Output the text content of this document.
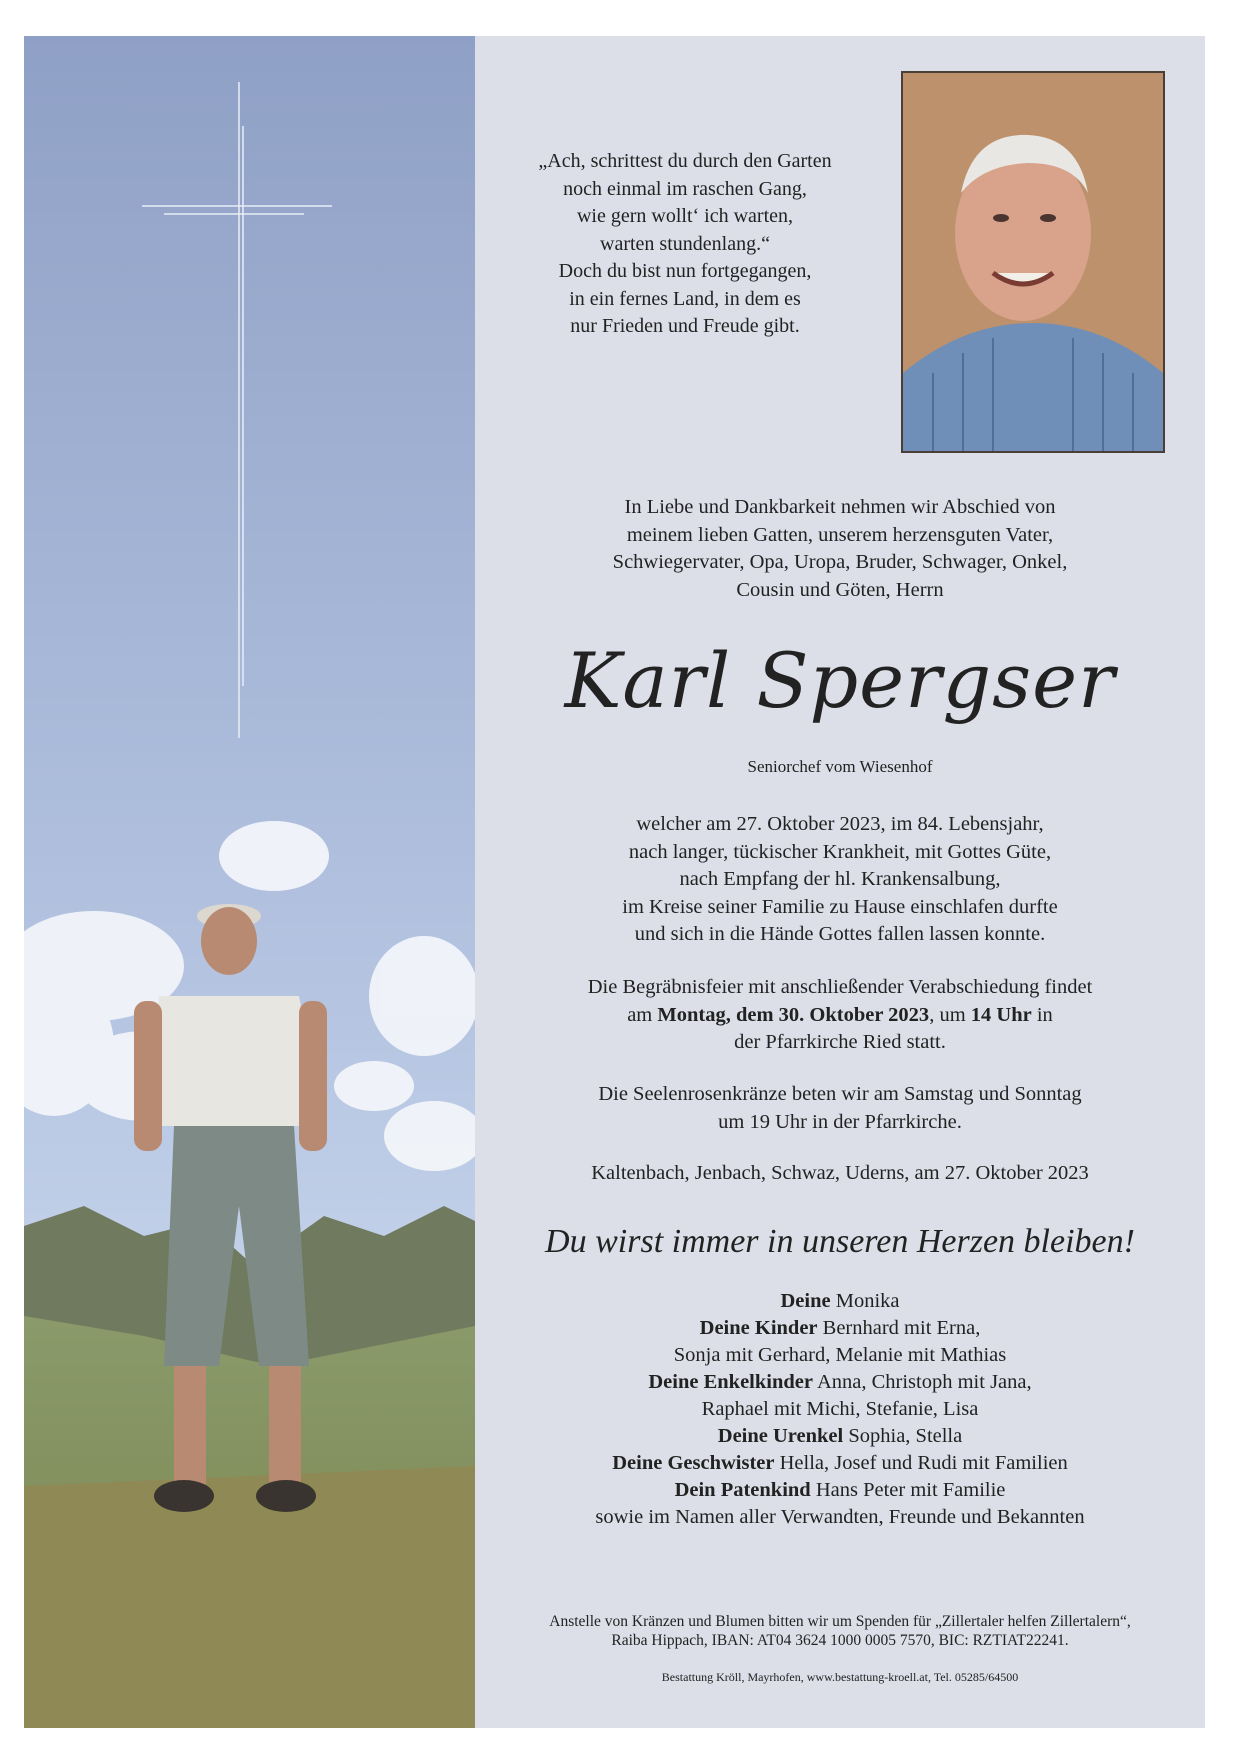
„Ach, schrittest du durch den Garten
noch einmal im raschen Gang,
wie gern wollt‘ ich warten,
warten stundenlang.“
Doch du bist nun fortgegangen,
in ein fernes Land, in dem es
nur Frieden und Freude gibt.
In Liebe und Dankbarkeit nehmen wir Abschied von
meinem lieben Gatten, unserem herzensguten Vater,
Schwiegervater, Opa, Uropa, Bruder, Schwager, Onkel,
Cousin und Göten, Herrn
Karl Spergser
Seniorchef vom Wiesenhof
welcher am 27. Oktober 2023, im 84. Lebensjahr,
nach langer, tückischer Krankheit, mit Gottes Güte,
nach Empfang der hl. Krankensalbung,
im Kreise seiner Familie zu Hause einschlafen durfte
und sich in die Hände Gottes fallen lassen konnte.
Die Begräbnisfeier mit anschließender Verabschiedung findet
am Montag, dem 30. Oktober 2023, um 14 Uhr in
der Pfarrkirche Ried statt.
Die Seelenrosenkränze beten wir am Samstag und Sonntag
um 19 Uhr in der Pfarrkirche.
Kaltenbach, Jenbach, Schwaz, Uderns, am 27. Oktober 2023
Du wirst immer in unseren Herzen bleiben!
Deine Monika
Deine Kinder Bernhard mit Erna,
Sonja mit Gerhard, Melanie mit Mathias
Deine Enkelkinder Anna, Christoph mit Jana,
Raphael mit Michi, Stefanie, Lisa
Deine Urenkel Sophia, Stella
Deine Geschwister Hella, Josef und Rudi mit Familien
Dein Patenkind Hans Peter mit Familie
sowie im Namen aller Verwandten, Freunde und Bekannten
Anstelle von Kränzen und Blumen bitten wir um Spenden für „Zillertaler helfen Zillertalern“,
Raiba Hippach, IBAN: AT04 3624 1000 0005 7570, BIC: RZTIAT22241.
Bestattung Kröll, Mayrhofen, www.bestattung-kroell.at, Tel. 05285/64500
